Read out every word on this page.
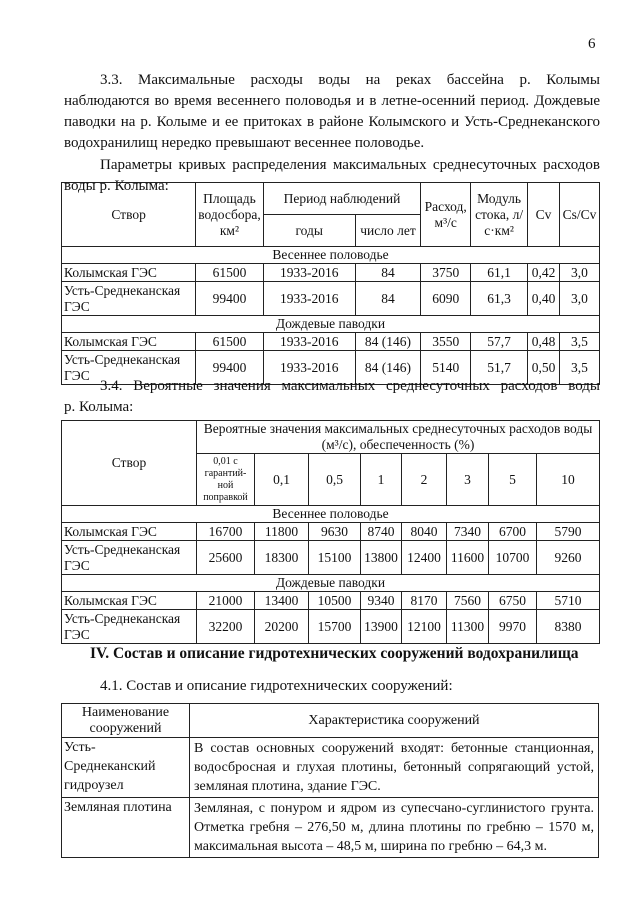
6
3.3. Максимальные расходы воды на реках бассейна р. Колымы
наблюдаются во время весеннего половодья и в летне-осенний период. Дождевые
паводки на р. Колыме и ее притоках в районе Колымского и Усть-Среднеканского
водохранилищ нередко превышают весеннее половодье.
Параметры кривых распределения максимальных среднесуточных расходов
воды р. Колыма:
Створ	Площадь водосбора, км²	Период наблюдений		Расход, м³/с	Модуль стока, л/с·км²	Cv	Cs/Cv
		годы	число лет				
Весеннее половодье							
Колымская ГЭС	61500	1933-2016	84	3750	61,1	0,42	3,0
Усть-Среднеканская ГЭС	99400	1933-2016	84	6090	61,3	0,40	3,0
Дождевые паводки							
Колымская ГЭС	61500	1933-2016	84 (146)	3550	57,7	0,48	3,5
Усть-Среднеканская ГЭС	99400	1933-2016	84 (146)	5140	51,7	0,50	3,5
3.4. Вероятные значения максимальных среднесуточных расходов воды
р. Колыма:
Створ	Вероятные значения максимальных среднесуточных расходов воды (м³/с), обеспеченность (%)							
	0,01 с гарантий-ной поправкой	0,1	0,5	1	2	3	5	10
Весеннее половодье								
Колымская ГЭС	16700	11800	9630	8740	8040	7340	6700	5790
Усть-Среднеканская ГЭС	25600	18300	15100	13800	12400	11600	10700	9260
Дождевые паводки								
Колымская ГЭС	21000	13400	10500	9340	8170	7560	6750	5710
Усть-Среднеканская ГЭС	32200	20200	15700	13900	12100	11300	9970	8380
IV. Состав и описание гидротехнических сооружений водохранилища
4.1. Состав и описание гидротехнических сооружений:
Наименование сооружений	Характеристика сооружений
Усть-Среднеканский гидроузел	В состав основных сооружений входят: бетонные станционная, водосбросная и глухая плотины, бетонный сопрягающий устой, земляная плотина, здание ГЭС.
Земляная плотина	Земляная, с понуром и ядром из супесчано-суглинистого грунта. Отметка гребня – 276,50 м, длина плотины по гребню – 1570 м, максимальная высота – 48,5 м, ширина по гребню – 64,3 м.
